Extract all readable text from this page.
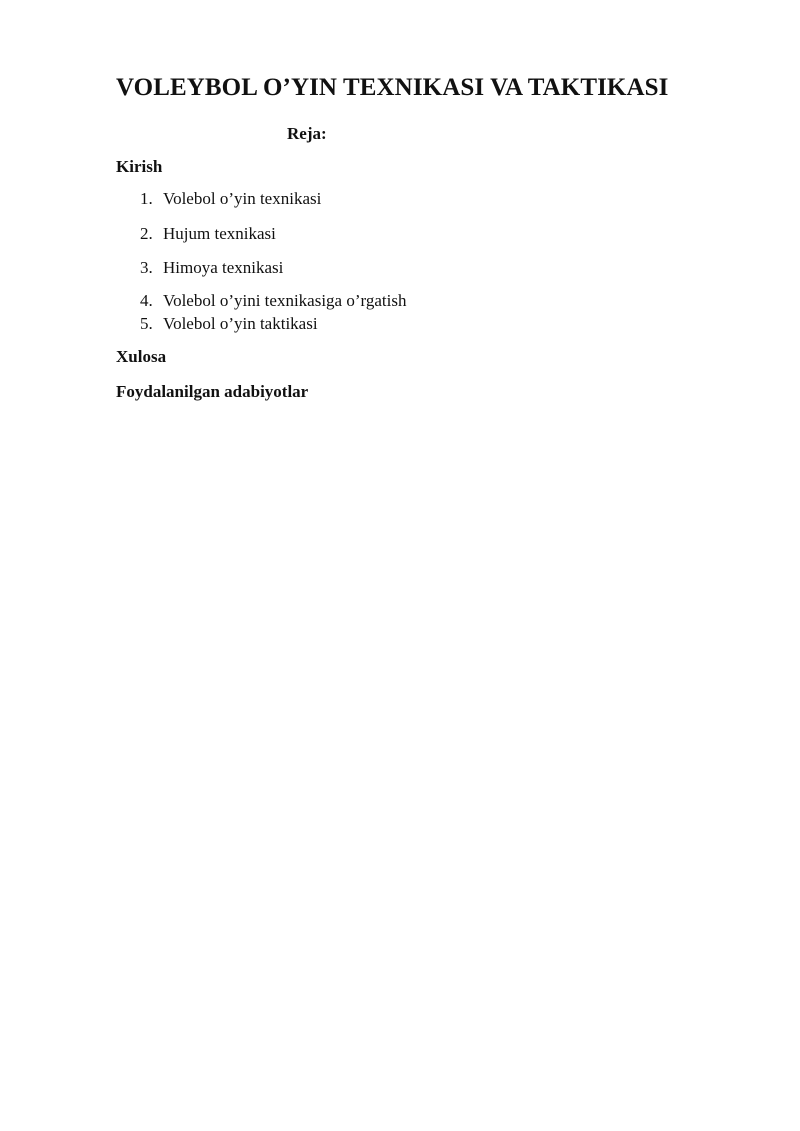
VOLEYBOL O’YIN TEXNIKASI VA TAKTIKASI
Reja:
Kirish
1. Volebol o’yin texnikasi
2. Hujum texnikasi
3. Himoya texnikasi
4. Volebol o’yini texnikasiga o’rgatish
5. Volebol o’yin taktikasi
Xulosa
Foydalanilgan adabiyotlar
